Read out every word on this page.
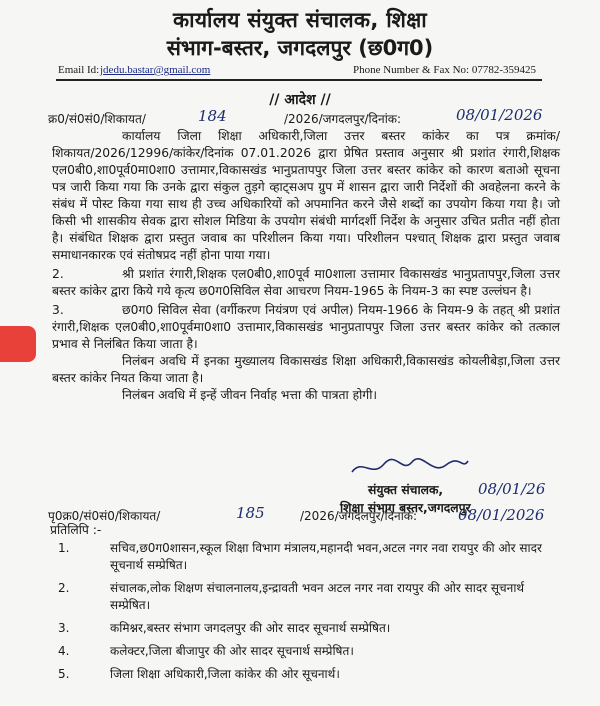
कार्यालय संयुक्त संचालक, शिक्षा
संभाग-बस्तर, जगदलपुर (छ0ग0)
Email Id: jdedu.bastar@gmail.com	Phone Number & Fax No: 07782-359425
// आदेश //
क्र0/सं0सं0/शिकायत/	184	/2026/जगदलपुर/दिनांक:	08/01/2026

कार्यालय जिला शिक्षा अधिकारी,जिला उत्तर बस्तर कांकेर का पत्र क्रमांक/शिकायत/2026/12996/कांकेर/दिनांक 07.01.2026 द्वारा प्रेषित प्रस्ताव अनुसार श्री प्रशांत रंगारी,शिक्षक एल0बी0,शा0पूर्व0मा0शा0 उत्तामार,विकासखंड भानुप्रतापपुर जिला उत्तर बस्तर कांकेर को कारण बताओ सूचना पत्र जारी किया गया कि उनके द्वारा संकुल तुड़गे व्हाट्सअप ग्रुप में शासन द्वारा जारी निर्देशों की अवहेलना करने के संबंध में पोस्ट किया गया साथ ही उच्च अधिकारियों को अपमानित करने जैसे शब्दों का उपयोग किया गया है। जो किसी भी शासकीय सेवक द्वारा सोशल मिडिया के उपयोग संबंधी मार्गदर्शी निर्देश के अनुसार उचित प्रतीत नहीं होता है। संबंधित शिक्षक द्वारा प्रस्तुत जवाब का परिशीलन किया गया। परिशीलन पश्चात् शिक्षक द्वारा प्रस्तुत जवाब समाधानकारक एवं संतोषप्रद नहीं होना पाया गया।

2.	श्री प्रशांत रंगारी,शिक्षक एल0बी0,शा0पूर्व मा0शाला उत्तामार विकासखंड भानुप्रतापपुर,जिला उत्तर बस्तर कांकेर द्वारा किये गये कृत्य छ0ग0सिविल सेवा आचरण नियम-1965 के नियम-3 का स्पष्ट उल्लंघन है।

3.	छ0ग0 सिविल सेवा (वर्गीकरण नियंत्रण एवं अपील) नियम-1966 के नियम-9 के तहत् श्री प्रशांत रंगारी,शिक्षक एल0बी0,शा0पूर्वमा0शा0 उत्तामार,विकासखंड भानुप्रतापपुर जिला उत्तर बस्तर कांकेर को तत्काल प्रभाव से निलंबित किया जाता है।

निलंबन अवधि में इनका मुख्यालय विकासखंड शिक्षा अधिकारी,विकासखंड कोयलीबेड़ा,जिला उत्तर बस्तर कांकेर नियत किया जाता है।

निलंबन अवधि में इन्हें जीवन निर्वाह भत्ता की पात्रता होगी।

संयुक्त संचालक,
शिक्षा संभाग बस्तर,जगदलपुर
08/01/26
पृ0क्र0/सं0सं0/शिकायत/	185	/2026/जगदलपुर/दिनांक:	08/01/2026
प्रतिलिपि :-
1.	सचिव,छ0ग0शासन,स्कूल शिक्षा विभाग मंत्रालय,महानदी भवन,अटल नगर नवा रायपुर की ओर सादर सूचनार्थ सम्प्रेषित।
2.	संचालक,लोक शिक्षण संचालनालय,इन्द्रावती भवन अटल नगर नवा रायपुर की ओर सादर सूचनार्थ सम्प्रेषित।
3.	कमिश्नर,बस्तर संभाग जगदलपुर की ओर सादर सूचनार्थ सम्प्रेषित।
4.	कलेक्टर,जिला बीजापुर की ओर सादर सूचनार्थ सम्प्रेषित।
5.	जिला शिक्षा अधिकारी,जिला कांकेर की ओर सूचनार्थ।
